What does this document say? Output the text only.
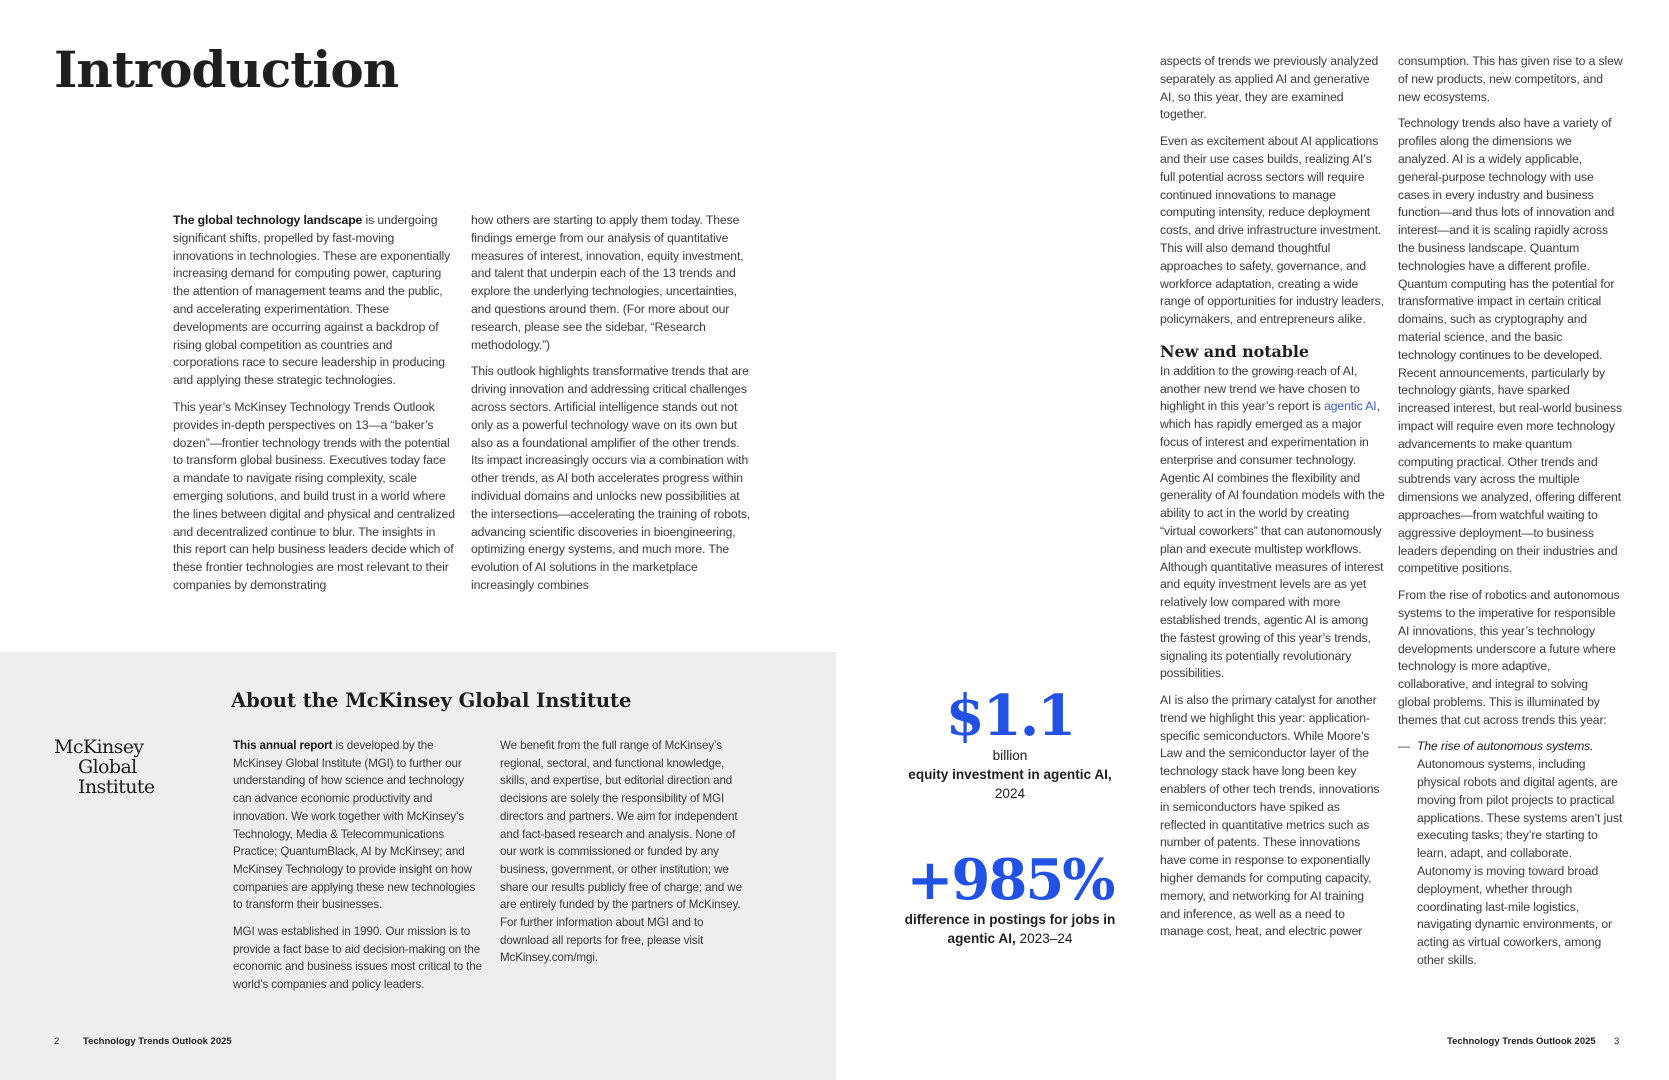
Introduction

The global technology landscape is undergoing significant shifts, propelled by fast-moving innovations in technologies. These are exponentially increasing demand for computing power, capturing the attention of management teams and the public, and accelerating experimentation. These developments are occurring against a backdrop of rising global competition as countries and corporations race to secure leadership in producing and applying these strategic technologies.

This year’s McKinsey Technology Trends Outlook provides in-depth perspectives on 13—a “baker’s dozen”—frontier technology trends with the potential to transform global business. Executives today face a mandate to navigate rising complexity, scale emerging solutions, and build trust in a world where the lines between digital and physical and centralized and decentralized continue to blur. The insights in this report can help business leaders decide which of these frontier technologies are most relevant to their companies by demonstrating

how others are starting to apply them today. These findings emerge from our analysis of quantitative measures of interest, innovation, equity investment, and talent that underpin each of the 13 trends and explore the underlying technologies, uncertainties, and questions around them. (For more about our research, please see the sidebar, “Research methodology.”)

This outlook highlights transformative trends that are driving innovation and addressing critical challenges across sectors. Artificial intelligence stands out not only as a powerful technology wave on its own but also as a foundational amplifier of the other trends. Its impact increasingly occurs via a combination with other trends, as AI both accelerates progress within individual domains and unlocks new possibilities at the intersections—accelerating the training of robots, advancing scientific discoveries in bioengineering, optimizing energy systems, and much more. The evolution of AI solutions in the marketplace increasingly combines

About the McKinsey Global Institute
McKinsey
Global Institute

This annual report is developed by the McKinsey Global Institute (MGI) to further our understanding of how science and technology can advance economic productivity and innovation. We work together with McKinsey’s Technology, Media & Telecommunications Practice; QuantumBlack, AI by McKinsey; and McKinsey Technology to provide insight on how companies are applying these new technologies to transform their businesses.

MGI was established in 1990. Our mission is to provide a fact base to aid decision-making on the economic and business issues most critical to the world’s companies and policy leaders.

We benefit from the full range of McKinsey’s regional, sectoral, and functional knowledge, skills, and expertise, but editorial direction and decisions are solely the responsibility of MGI directors and partners. We aim for independent and fact-based research and analysis. None of our work is commissioned or funded by any business, government, or other institution; we share our results publicly free of charge; and we are entirely funded by the partners of McKinsey. For further information about MGI and to download all reports for free, please visit McKinsey.com/mgi.

2 Technology Trends Outlook 2025
$1.1
billion
equity investment in agentic AI, 2024
+985%
difference in postings for jobs in agentic AI, 2023–24

aspects of trends we previously analyzed separately as applied AI and generative AI, so this year, they are examined together.

Even as excitement about AI applications and their use cases builds, realizing AI’s full potential across sectors will require continued innovations to manage computing intensity, reduce deployment costs, and drive infrastructure investment. This will also demand thoughtful approaches to safety, governance, and workforce adaptation, creating a wide range of opportunities for industry leaders, policymakers, and entrepreneurs alike.

New and notable

In addition to the growing reach of AI, another new trend we have chosen to highlight in this year’s report is agentic AI, which has rapidly emerged as a major focus of interest and experimentation in enterprise and consumer technology. Agentic AI combines the flexibility and generality of AI foundation models with the ability to act in the world by creating “virtual coworkers” that can autonomously plan and execute multistep workflows. Although quantitative measures of interest and equity investment levels are as yet relatively low compared with more established trends, agentic AI is among the fastest growing of this year’s trends, signaling its potentially revolutionary possibilities.

AI is also the primary catalyst for another trend we highlight this year: application-specific semiconductors. While Moore’s Law and the semiconductor layer of the technology stack have long been key enablers of other tech trends, innovations in semiconductors have spiked as reflected in quantitative metrics such as number of patents. These innovations have come in response to exponentially higher demands for computing capacity, memory, and networking for AI training and inference, as well as a need to manage cost, heat, and electric power

consumption. This has given rise to a slew of new products, new competitors, and new ecosystems.

Technology trends also have a variety of profiles along the dimensions we analyzed. AI is a widely applicable, general-purpose technology with use cases in every industry and business function—and thus lots of innovation and interest—and it is scaling rapidly across the business landscape. Quantum technologies have a different profile. Quantum computing has the potential for transformative impact in certain critical domains, such as cryptography and material science, and the basic technology continues to be developed. Recent announcements, particularly by technology giants, have sparked increased interest, but real-world business impact will require even more technology advancements to make quantum computing practical. Other trends and subtrends vary across the multiple dimensions we analyzed, offering different approaches—from watchful waiting to aggressive deployment—to business leaders depending on their industries and competitive positions.

From the rise of robotics and autonomous systems to the imperative for responsible AI innovations, this year’s technology developments underscore a future where technology is more adaptive, collaborative, and integral to solving global problems. This is illuminated by themes that cut across trends this year:

— The rise of autonomous systems. Autonomous systems, including physical robots and digital agents, are moving from pilot projects to practical applications. These systems aren’t just executing tasks; they’re starting to learn, adapt, and collaborate. Autonomy is moving toward broad deployment, whether through coordinating last-mile logistics, navigating dynamic environments, or acting as virtual coworkers, among other skills.

Technology Trends Outlook 2025 3
